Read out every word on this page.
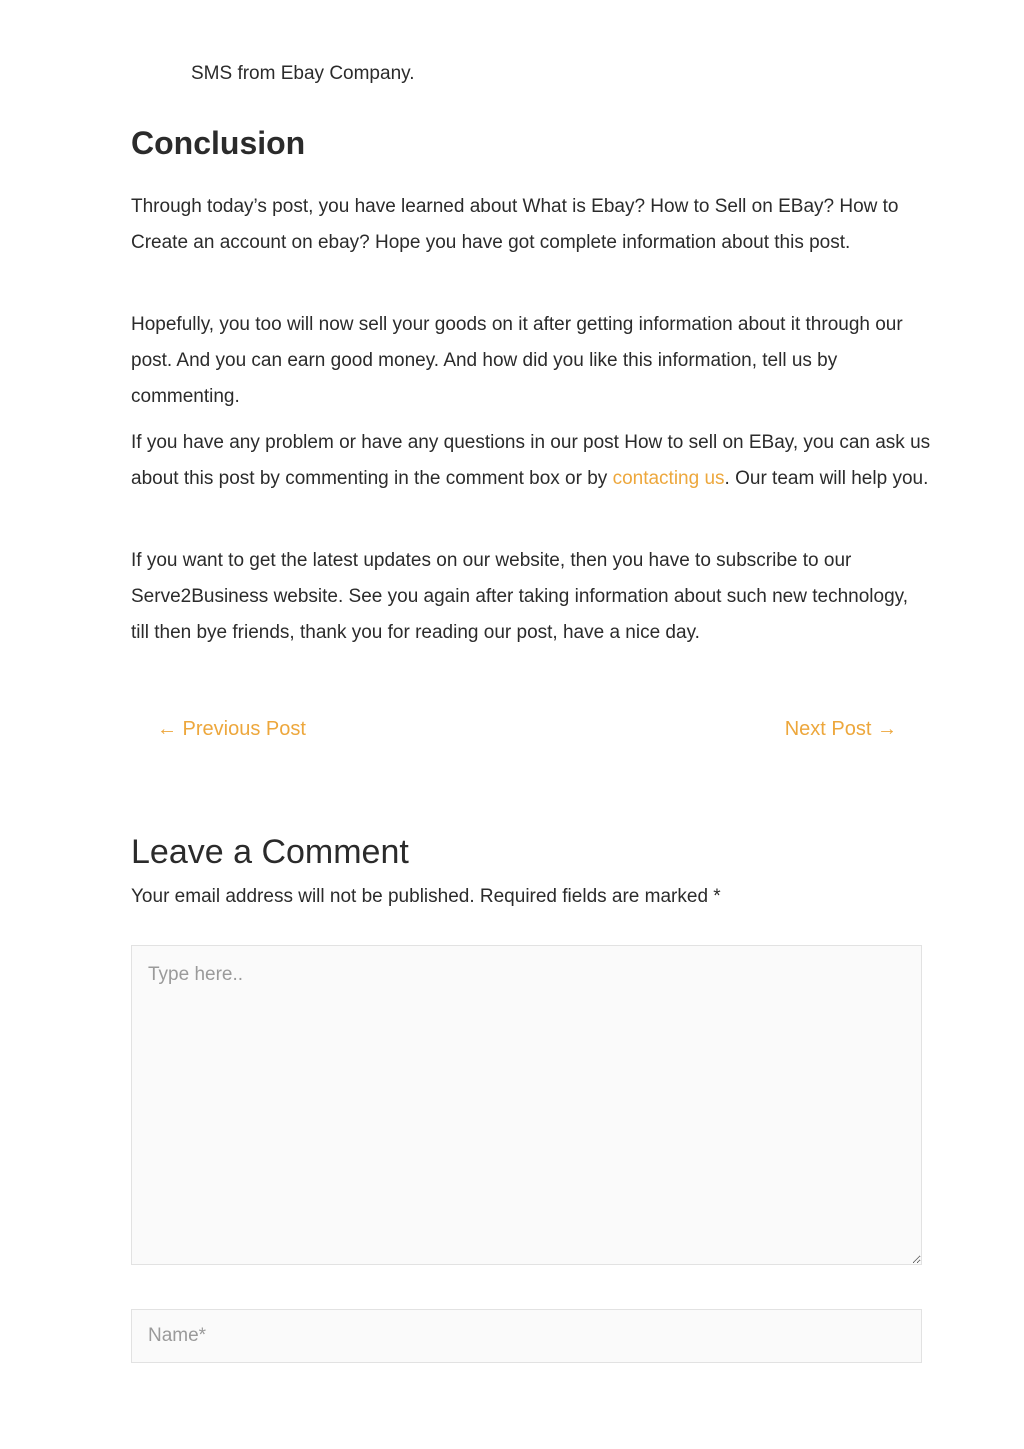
SMS from Ebay Company.

Conclusion

Through today’s post, you have learned about What is Ebay? How to Sell on EBay? How to Create an account on ebay? Hope you have got complete information about this post.

Hopefully, you too will now sell your goods on it after getting information about it through our post. And you can earn good money. And how did you like this information, tell us by commenting.

If you have any problem or have any questions in our post How to sell on EBay, you can ask us about this post by commenting in the comment box or by contacting us. Our team will help you.

If you want to get the latest updates on our website, then you have to subscribe to our Serve2Business website. See you again after taking information about such new technology, till then bye friends, thank you for reading our post, have a nice day.

← Previous Post	Next Post →
Leave a Comment

Your email address will not be published. Required fields are marked *

Type here..
Name*
